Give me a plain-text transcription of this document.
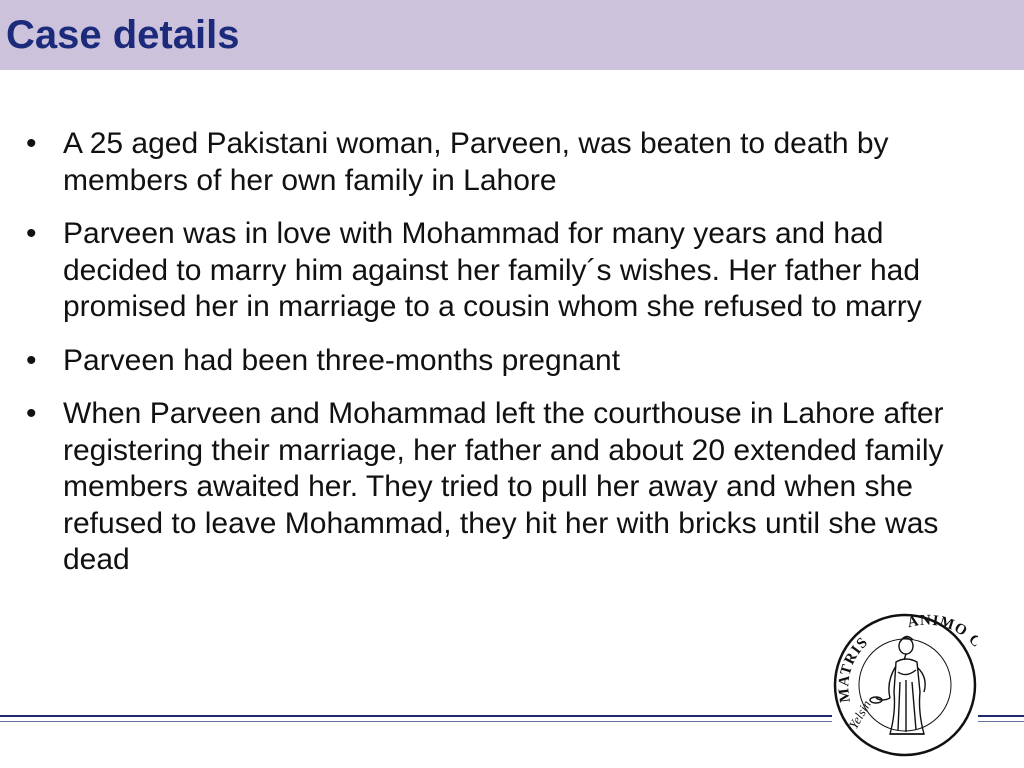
Case details
• A 25 aged Pakistani woman, Parveen, was beaten to death by members of her own family in Lahore
• Parveen was in love with Mohammad for many years and had decided to marry him against her family´s wishes. Her father had promised her in marriage to a cousin whom she refused to marry
• Parveen had been three-months pregnant
• When Parveen and Mohammad left the courthouse in Lahore after registering their marriage, her father and about 20 extended family members awaited her. They tried to pull her away and when she refused to leave Mohammad, they hit her with bricks until she was dead
MATRIS
ANIMO
Yelsin
